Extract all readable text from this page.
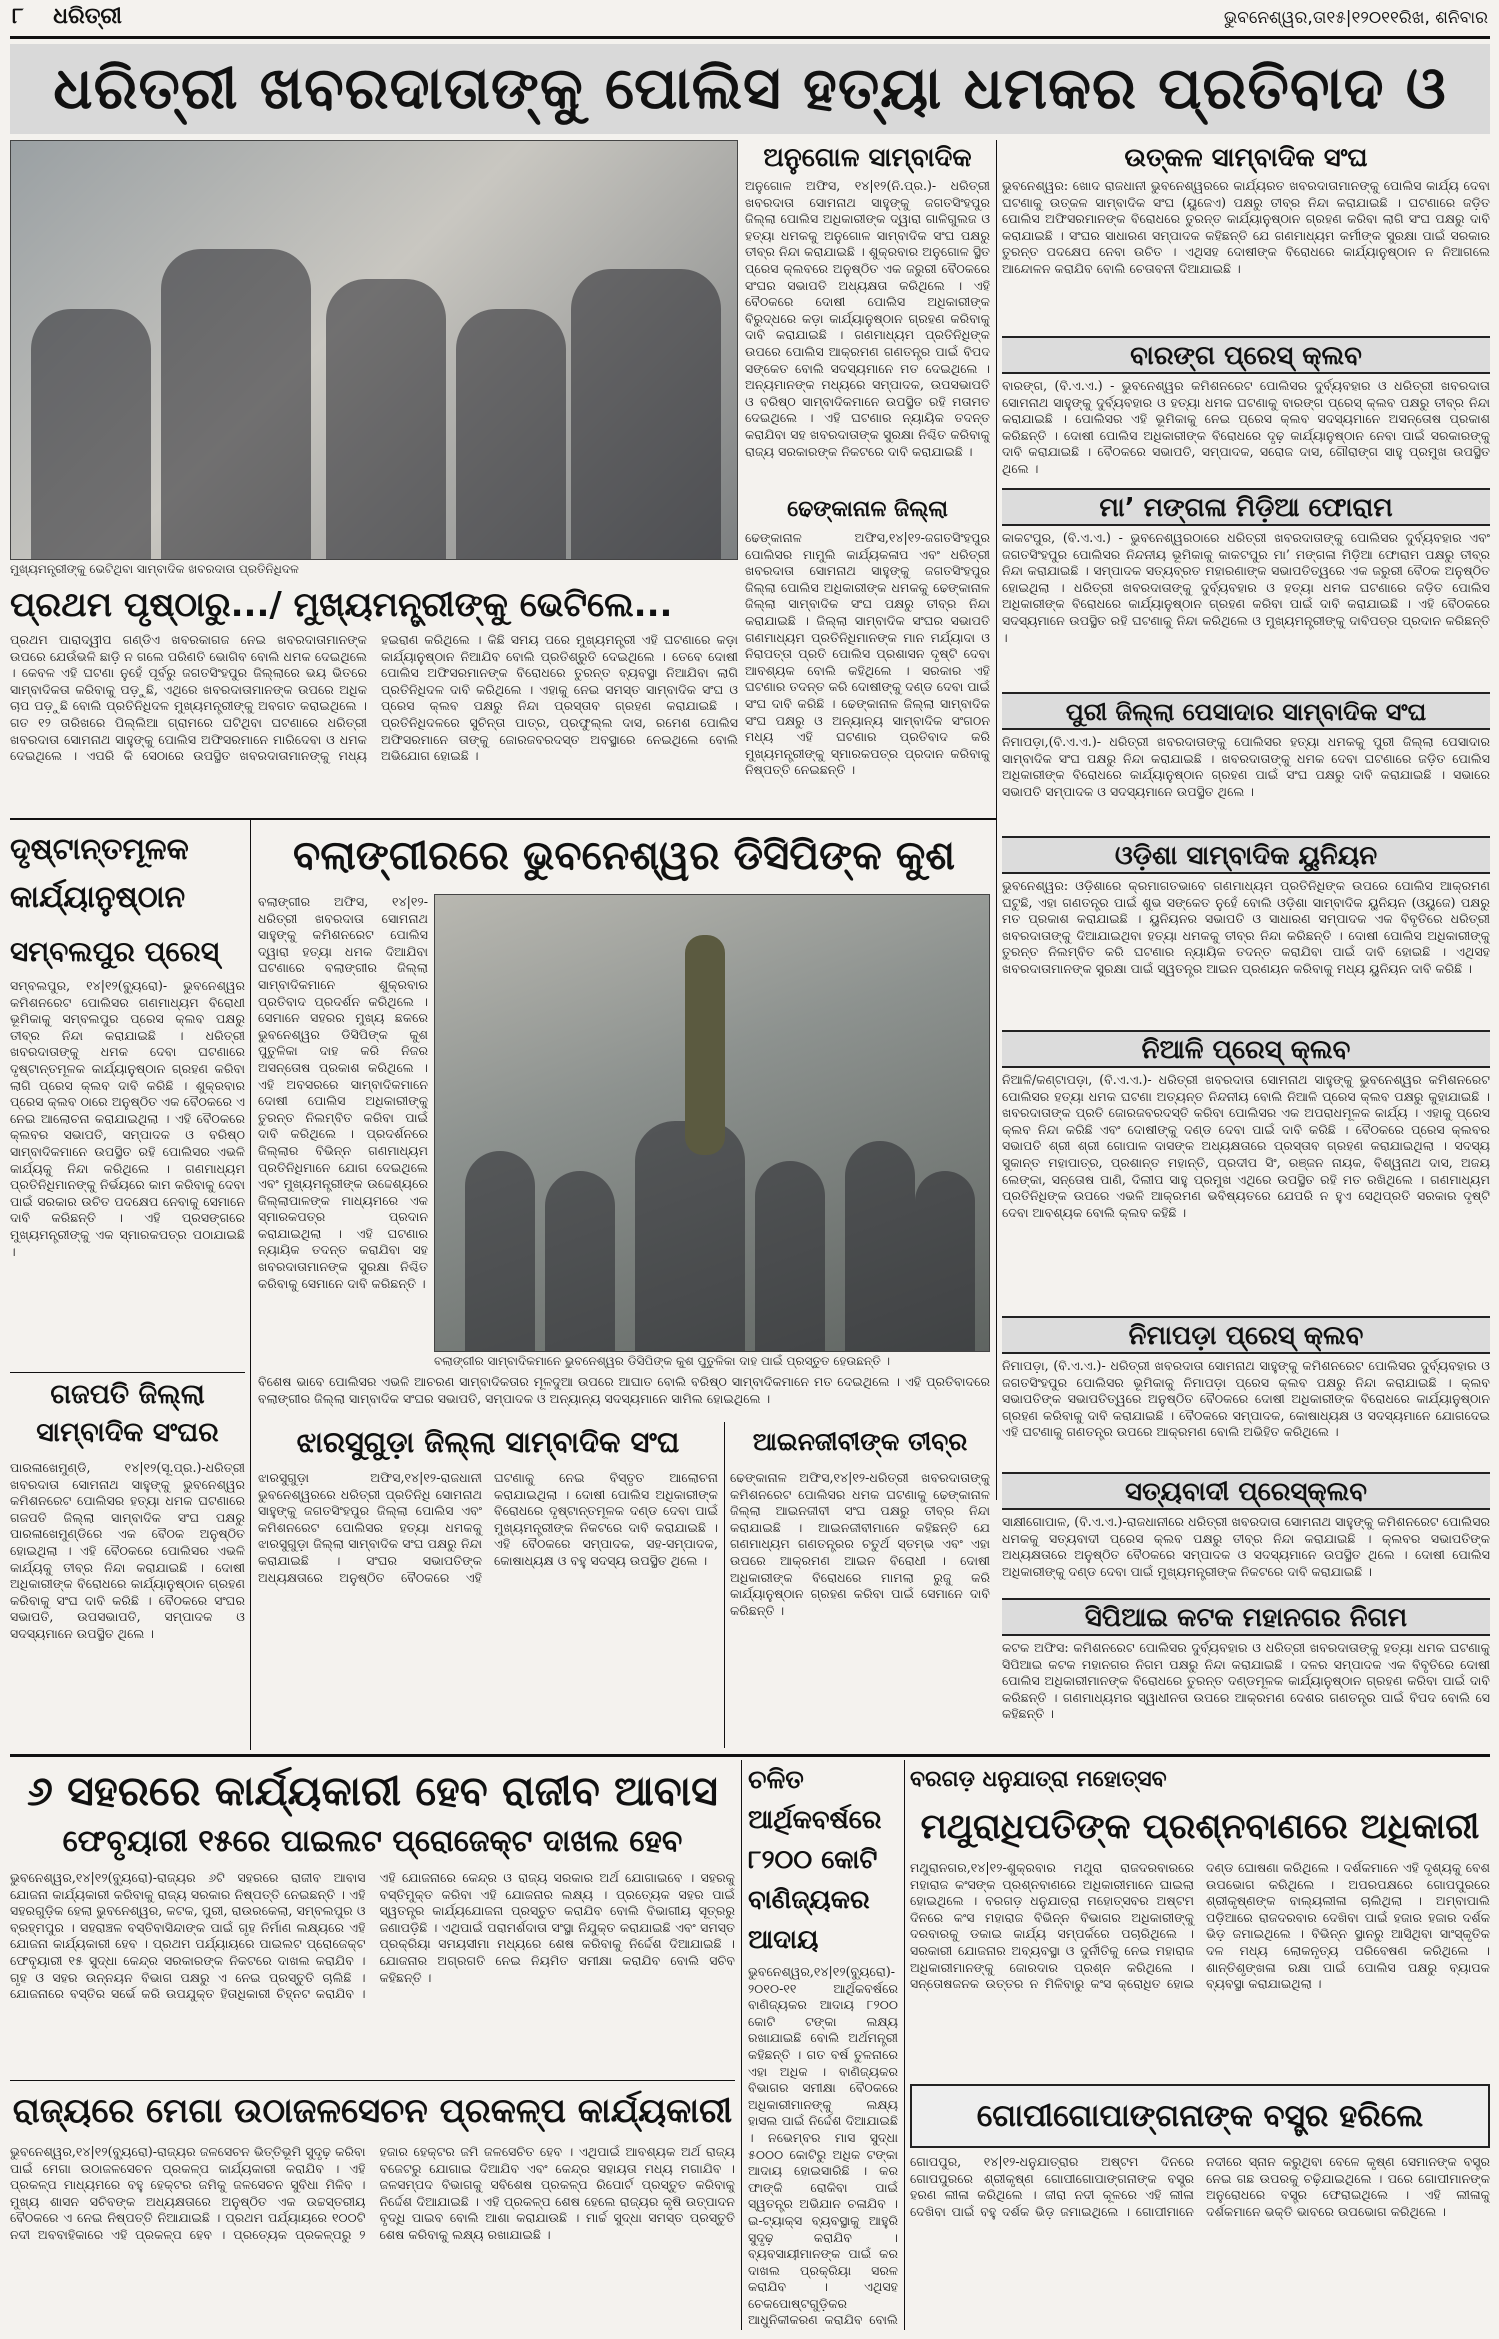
୮ ଧରିତ୍ରୀ	ଭୁବନେଶ୍ୱର,ତା୧୫|୧୨୦୧୧ରିଖ, ଶନିବାର
ଧରିତ୍ରୀ ଖବରଦାତାଙ୍କୁ ପୋଲିସ ହତ୍ୟା ଧମକର ପ୍ରତିବାଦ ଓ
ମୁଖ୍ୟମନ୍ତ୍ରୀଙ୍କୁ ଭେଟିଥିବା ସାମ୍ବାଦିକ ଖବରଦାତା ପ୍ରତିନିଧିଦଳ
ପ୍ରଥମ ପୃଷ୍ଠାରୁ.../ ମୁଖ୍ୟମନ୍ତ୍ରୀଙ୍କୁ ଭେଟିଲେ...
ପ୍ରଥମ ପାରାଦ୍ୱୀପ ଗଣ୍ଡିଏ ଖବରକାଗଜ ନେଇ ଖବରଦାତାମାନଙ୍କ ଉପରେ ଯେଉଁଭଳି ଛାଡ଼ି ନ ଗଲେ ପରିଣତି ଭୋଗିବ ବୋଲି ଧମକ ଦେଇଥିଲେ । କେବଳ ଏହି ଘଟଣା ନୁହେଁ ପୂର୍ବରୁ ଜଗତସିଂହପୁର ଜିଲ୍ଲାରେ ଭୟ ଭିତରେ ସାମ୍ବାଦିକତା କରିବାକୁ ପଡ଼ୁଛି, ଏଥିରେ ଖବରଦାତାମାନଙ୍କ ଉପରେ ଅଧିକ ଚାପ ପଡ଼ୁଛି ବୋଲି ପ୍ରତିନିଧିଦଳ ମୁଖ୍ୟମନ୍ତ୍ରୀଙ୍କୁ ଅବଗତ କରାଇଥିଲେ । ଗତ ୧୨ ତାରିଖରେ ପିଲ୍ଲିଆ ଗ୍ରାମରେ ଘଟିଥିବା ଘଟଣାରେ ଧରିତ୍ରୀ ଖବରଦାତା ସୋମନାଥ ସାହୁଙ୍କୁ ପୋଲିସ ଅଫିସରମାନେ ମାରିଦେବା ଓ ଧମକ ଦେଇଥିଲେ । ଏପରି କି ସେଠାରେ ଉପସ୍ଥିତ ଖବରଦାତାମାନଙ୍କୁ ମଧ୍ୟ ହଇରାଣ କରିଥିଲେ । କିଛି ସମୟ ପରେ ମୁଖ୍ୟମନ୍ତ୍ରୀ ଏହି ଘଟଣାରେ କଡ଼ା କାର୍ଯ୍ୟାନୁଷ୍ଠାନ ନିଆଯିବ ବୋଲି ପ୍ରତିଶ୍ରୁତି ଦେଇଥିଲେ । ତେବେ ଦୋଷୀ ପୋଲିସ ଅଫିସରମାନଙ୍କ ବିରୋଧରେ ତୁରନ୍ତ ବ୍ୟବସ୍ଥା ନିଆଯିବା ଲାଗି ପ୍ରତିନିଧିଦଳ ଦାବି କରିଥିଲେ । ଏହାକୁ ନେଇ ସମସ୍ତ ସାମ୍ବାଦିକ ସଂଘ ଓ ପ୍ରେସ କ୍ଲବ ପକ୍ଷରୁ ନିନ୍ଦା ପ୍ରସ୍ତାବ ଗ୍ରହଣ କରାଯାଇଛି । ପ୍ରତିନିଧିଦଳରେ ସୁଚିନ୍ତା ପାତ୍ର, ପ୍ରଫୁଲ୍ଲ ଦାସ, ରମେଶ ପୋଲିସ ଅଫିସରମାନେ ତାଙ୍କୁ ଜୋରଜବରଦସ୍ତ ଅବସ୍ଥାରେ ନେଇଥିଲେ ବୋଲି ଅଭିଯୋଗ ହୋଇଛି ।
ଅନୁଗୋଳ ସାମ୍ବାଦିକ
ଅନୁଗୋଳ ଅଫିସ, ୧୪|୧୨(ନି.ପ୍ର.)- ଧରିତ୍ରୀ ଖବରଦାତା ସୋମନାଥ ସାହୁଙ୍କୁ ଜଗତସିଂହପୁର ଜିଲ୍ଲା ପୋଲିସ ଅଧିକାରୀଙ୍କ ଦ୍ୱାରା ଗାଳିଗୁଲଜ ଓ ହତ୍ୟା ଧମକକୁ ଅନୁଗୋଳ ସାମ୍ବାଦିକ ସଂଘ ପକ୍ଷରୁ ତୀବ୍ର ନିନ୍ଦା କରାଯାଇଛି । ଶୁକ୍ରବାର ଅନୁଗୋଳ ସ୍ଥିତ ପ୍ରେସ କ୍ଲବରେ ଅନୁଷ୍ଠିତ ଏକ ଜରୁରୀ ବୈଠକରେ ସଂଘର ସଭାପତି ଅଧ୍ୟକ୍ଷତା କରିଥିଲେ । ଏହି ବୈଠକରେ ଦୋଷୀ ପୋଲିସ ଅଧିକାରୀଙ୍କ ବିରୁଦ୍ଧରେ କଡ଼ା କାର୍ଯ୍ୟାନୁଷ୍ଠାନ ଗ୍ରହଣ କରିବାକୁ ଦାବି କରାଯାଇଛି । ଗଣମାଧ୍ୟମ ପ୍ରତିନିଧିଙ୍କ ଉପରେ ପୋଲିସ ଆକ୍ରମଣ ଗଣତନ୍ତ୍ର ପାଇଁ ବିପଦ ସଙ୍କେତ ବୋଲି ସଦସ୍ୟମାନେ ମତ ଦେଇଥିଲେ । ଅନ୍ୟମାନଙ୍କ ମଧ୍ୟରେ ସମ୍ପାଦକ, ଉପସଭାପତି ଓ ବରିଷ୍ଠ ସାମ୍ବାଦିକମାନେ ଉପସ୍ଥିତ ରହି ମତାମତ ଦେଇଥିଲେ । ଏହି ଘଟଣାର ନ୍ୟାୟିକ ତଦନ୍ତ କରାଯିବା ସହ ଖବରଦାତାଙ୍କ ସୁରକ୍ଷା ନିଶ୍ଚିତ କରିବାକୁ ରାଜ୍ୟ ସରକାରଙ୍କ ନିକଟରେ ଦାବି କରାଯାଇଛି ।
ଢେଙ୍କାନାଳ ଜିଲ୍ଲା
ଢେଙ୍କାନାଳ ଅଫିସ,୧୪|୧୨-ଜଗତସିଂହପୁର ପୋଲିସର ମାମୁଲି କାର୍ଯ୍ୟକଳାପ ଏବଂ ଧରିତ୍ରୀ ଖବରଦାତା ସୋମନାଥ ସାହୁଙ୍କୁ ଜଗତସିଂହପୁର ଜିଲ୍ଲା ପୋଲିସ ଅଧିକାରୀଙ୍କ ଧମକକୁ ଢେଙ୍କାନାଳ ଜିଲ୍ଲା ସାମ୍ବାଦିକ ସଂଘ ପକ୍ଷରୁ ତୀବ୍ର ନିନ୍ଦା କରାଯାଇଛି । ଜିଲ୍ଲା ସାମ୍ବାଦିକ ସଂଘର ସଭାପତି ଗଣମାଧ୍ୟମ ପ୍ରତିନିଧିମାନଙ୍କ ମାନ ମର୍ଯ୍ୟାଦା ଓ ନିରାପତ୍ତା ପ୍ରତି ପୋଲିସ ପ୍ରଶାସନ ଦୃଷ୍ଟି ଦେବା ଆବଶ୍ୟକ ବୋଲି କହିଥିଲେ । ସରକାର ଏହି ଘଟଣାର ତଦନ୍ତ କରି ଦୋଷୀଙ୍କୁ ଦଣ୍ଡ ଦେବା ପାଇଁ ସଂଘ ଦାବି କରିଛି । ଢେଙ୍କାନାଳ ଜିଲ୍ଲା ସାମ୍ବାଦିକ ସଂଘ ପକ୍ଷରୁ ଓ ଅନ୍ୟାନ୍ୟ ସାମ୍ବାଦିକ ସଂଗଠନ ମଧ୍ୟ ଏହି ଘଟଣାର ପ୍ରତିବାଦ କରି ମୁଖ୍ୟମନ୍ତ୍ରୀଙ୍କୁ ସ୍ମାରକପତ୍ର ପ୍ରଦାନ କରିବାକୁ ନିଷ୍ପତ୍ତି ନେଇଛନ୍ତି ।
ଉତ୍କଳ ସାମ୍ବାଦିକ ସଂଘ
ଭୁବନେଶ୍ୱର: ଖୋଦ ରାଜଧାନୀ ଭୁବନେଶ୍ୱରରେ କାର୍ଯ୍ୟରତ ଖବରଦାତାମାନଙ୍କୁ ପୋଲିସ କାର୍ଯ୍ୟ ଦେବା ଘଟଣାକୁ ଉତ୍କଳ ସାମ୍ବାଦିକ ସଂଘ (ୟୁଜେଏ) ପକ୍ଷରୁ ତୀବ୍ର ନିନ୍ଦା କରାଯାଇଛି । ଘଟଣାରେ ଜଡ଼ିତ ପୋଲିସ ଅଫିସରମାନଙ୍କ ବିରୋଧରେ ତୁରନ୍ତ କାର୍ଯ୍ୟାନୁଷ୍ଠାନ ଗ୍ରହଣ କରିବା ଲାଗି ସଂଘ ପକ୍ଷରୁ ଦାବି କରାଯାଇଛି । ସଂଘର ସାଧାରଣ ସମ୍ପାଦକ କହିଛନ୍ତି ଯେ ଗଣମାଧ୍ୟମ କର୍ମୀଙ୍କ ସୁରକ୍ଷା ପାଇଁ ସରକାର ତୁରନ୍ତ ପଦକ୍ଷେପ ନେବା ଉଚିତ । ଏଥିସହ ଦୋଷୀଙ୍କ ବିରୋଧରେ କାର୍ଯ୍ୟାନୁଷ୍ଠାନ ନ ନିଆଗଲେ ଆନ୍ଦୋଳନ କରାଯିବ ବୋଲି ଚେତାବନୀ ଦିଆଯାଇଛି ।
ବାରଙ୍ଗ ପ୍ରେସ୍ କ୍ଲବ
ବାରଙ୍ଗ, (ବି.ଏ.ଏ.) - ଭୁବନେଶ୍ୱର କମିଶନରେଟ ପୋଲିସର ଦୁର୍ବ୍ୟବହାର ଓ ଧରିତ୍ରୀ ଖବରଦାତା ସୋମନାଥ ସାହୁଙ୍କୁ ଦୁର୍ବ୍ୟବହାର ଓ ହତ୍ୟା ଧମକ ଘଟଣାକୁ ବାରଙ୍ଗ ପ୍ରେସ୍ କ୍ଲବ ପକ୍ଷରୁ ତୀବ୍ର ନିନ୍ଦା କରାଯାଇଛି । ପୋଲିସର ଏହି ଭୂମିକାକୁ ନେଇ ପ୍ରେସ କ୍ଲବ ସଦସ୍ୟମାନେ ଅସନ୍ତୋଷ ପ୍ରକାଶ କରିଛନ୍ତି । ଦୋଷୀ ପୋଲିସ ଅଧିକାରୀଙ୍କ ବିରୋଧରେ ଦୃଢ଼ କାର୍ଯ୍ୟାନୁଷ୍ଠାନ ନେବା ପାଇଁ ସରକାରଙ୍କୁ ଦାବି କରାଯାଇଛି । ବୈଠକରେ ସଭାପତି, ସମ୍ପାଦକ, ସରୋଜ ଦାସ, ଗୌରାଙ୍ଗ ସାହୁ ପ୍ରମୁଖ ଉପସ୍ଥିତ ଥିଲେ ।
ମା’ ମଙ୍ଗଳା ମିଡ଼ିଆ ଫୋରାମ
କାକଟପୁର, (ବି.ଏ.ଏ.) - ଭୁବନେଶ୍ୱରଠାରେ ଧରିତ୍ରୀ ଖବରଦାତାଙ୍କୁ ପୋଲିସର ଦୁର୍ବ୍ୟବହାର ଏବଂ ଜଗତସିଂହପୁର ପୋଲିସର ନିନ୍ଦନୀୟ ଭୂମିକାକୁ କାକଟପୁର ମା’ ମଙ୍ଗଳା ମିଡ଼ିଆ ଫୋରାମ ପକ୍ଷରୁ ତୀବ୍ର ନିନ୍ଦା କରାଯାଇଛି । ସମ୍ପାଦକ ସତ୍ୟବ୍ରତ ମହାରଣାଙ୍କ ସଭାପତିତ୍ୱରେ ଏକ ଜରୁରୀ ବୈଠକ ଅନୁଷ୍ଠିତ ହୋଇଥିଲା । ଧରିତ୍ରୀ ଖବରଦାତାଙ୍କୁ ଦୁର୍ବ୍ୟବହାର ଓ ହତ୍ୟା ଧମକ ଘଟଣାରେ ଜଡ଼ିତ ପୋଲିସ ଅଧିକାରୀଙ୍କ ବିରୋଧରେ କାର୍ଯ୍ୟାନୁଷ୍ଠାନ ଗ୍ରହଣ କରିବା ପାଇଁ ଦାବି କରାଯାଇଛି । ଏହି ବୈଠକରେ ସଦସ୍ୟମାନେ ଉପସ୍ଥିତ ରହି ଘଟଣାକୁ ନିନ୍ଦା କରିଥିଲେ ଓ ମୁଖ୍ୟମନ୍ତ୍ରୀଙ୍କୁ ଦାବିପତ୍ର ପ୍ରଦାନ କରିଛନ୍ତି ।
ପୁରୀ ଜିଲ୍ଲା ପେସାଦାର ସାମ୍ବାଦିକ ସଂଘ
ନିମାପଡ଼ା,(ବି.ଏ.ଏ.)- ଧରିତ୍ରୀ ଖବରଦାତାଙ୍କୁ ପୋଲିସର ହତ୍ୟା ଧମକକୁ ପୁରୀ ଜିଲ୍ଲା ପେସାଦାର ସାମ୍ବାଦିକ ସଂଘ ପକ୍ଷରୁ ନିନ୍ଦା କରାଯାଇଛି । ଖବରଦାତାଙ୍କୁ ଧମକ ଦେବା ଘଟଣାରେ ଜଡ଼ିତ ପୋଲିସ ଅଧିକାରୀଙ୍କ ବିରୋଧରେ କାର୍ଯ୍ୟାନୁଷ୍ଠାନ ଗ୍ରହଣ ପାଇଁ ସଂଘ ପକ୍ଷରୁ ଦାବି କରାଯାଇଛି । ସଭାରେ ସଭାପତି ସମ୍ପାଦକ ଓ ସଦସ୍ୟମାନେ ଉପସ୍ଥିତ ଥିଲେ ।
ଓଡ଼ିଶା ସାମ୍ବାଦିକ ୟୁନିୟନ
ଭୁବନେଶ୍ୱର: ଓଡ଼ିଶାରେ କ୍ରମାଗତଭାବେ ଗଣମାଧ୍ୟମ ପ୍ରତିନିଧିଙ୍କ ଉପରେ ପୋଲିସ ଆକ୍ରମଣ ଘଟୁଛି, ଏହା ଗଣତନ୍ତ୍ର ପାଇଁ ଶୁଭ ସଙ୍କେତ ନୁହେଁ ବୋଲି ଓଡ଼ିଶା ସାମ୍ବାଦିକ ୟୁନିୟନ (ଓୟୁଜେ) ପକ୍ଷରୁ ମତ ପ୍ରକାଶ କରାଯାଇଛି । ୟୁନିୟନର ସଭାପତି ଓ ସାଧାରଣ ସମ୍ପାଦକ ଏକ ବିବୃତିରେ ଧରିତ୍ରୀ ଖବରଦାତାଙ୍କୁ ଦିଆଯାଇଥିବା ହତ୍ୟା ଧମକକୁ ତୀବ୍ର ନିନ୍ଦା କରିଛନ୍ତି । ଦୋଷୀ ପୋଲିସ ଅଧିକାରୀଙ୍କୁ ତୁରନ୍ତ ନିଲମ୍ବିତ କରି ଘଟଣାର ନ୍ୟାୟିକ ତଦନ୍ତ କରାଯିବା ପାଇଁ ଦାବି ହୋଇଛି । ଏଥିସହ ଖବରଦାତାମାନଙ୍କ ସୁରକ୍ଷା ପାଇଁ ସ୍ୱତନ୍ତ୍ର ଆଇନ ପ୍ରଣୟନ କରିବାକୁ ମଧ୍ୟ ୟୁନିୟନ ଦାବି କରିଛି ।
ନିଆଳି ପ୍ରେସ୍ କ୍ଲବ
ନିଆଳି/କଣ୍ଟାପଡ଼ା, (ବି.ଏ.ଏ.)- ଧରିତ୍ରୀ ଖବରଦାତା ସୋମନାଥ ସାହୁଙ୍କୁ ଭୁବନେଶ୍ୱର କମିଶନରେଟ ପୋଲିସର ହତ୍ୟା ଧମକ ଘଟଣା ଅତ୍ୟନ୍ତ ନିନ୍ଦନୀୟ ବୋଲି ନିଆଳି ପ୍ରେସ କ୍ଲବ ପକ୍ଷରୁ କୁହାଯାଇଛି । ଖବରଦାତାଙ୍କ ପ୍ରତି ଜୋରଜବରଦସ୍ତି କରିବା ପୋଲିସର ଏକ ଅପରାଧମୂଳକ କାର୍ଯ୍ୟ । ଏହାକୁ ପ୍ରେସ କ୍ଲବ ନିନ୍ଦା କରିଛି ଏବଂ ଦୋଷୀଙ୍କୁ ଦଣ୍ଡ ଦେବା ପାଇଁ ଦାବି କରିଛି । ବୈଠକରେ ପ୍ରେସ କ୍ଲବର ସଭାପତି ଶ୍ରୀ ଶ୍ରୀ ଗୋପାଳ ଦାସଙ୍କ ଅଧ୍ୟକ୍ଷତାରେ ପ୍ରସ୍ତାବ ଗ୍ରହଣ କରାଯାଇଥିଲା । ସଦସ୍ୟ ସୁକାନ୍ତ ମହାପାତ୍ର, ପ୍ରଶାନ୍ତ ମହାନ୍ତି, ପ୍ରଦୀପ ସିଂ, ରଞ୍ଜନ ନାୟକ, ବିଶ୍ୱନାଥ ଦାସ, ଅଜୟ ଲେଙ୍କା, ସନ୍ତୋଷ ପାଣି, ଦିଲୀପ ସାହୁ ପ୍ରମୁଖ ଏଥିରେ ଉପସ୍ଥିତ ରହି ମତ ରଖିଥିଲେ । ଗଣମାଧ୍ୟମ ପ୍ରତିନିଧିଙ୍କ ଉପରେ ଏଭଳି ଆକ୍ରମଣ ଭବିଷ୍ୟତରେ ଯେପରି ନ ହୁଏ ସେଥିପ୍ରତି ସରକାର ଦୃଷ୍ଟି ଦେବା ଆବଶ୍ୟକ ବୋଲି କ୍ଲବ କହିଛି ।
ନିମାପଡ଼ା ପ୍ରେସ୍ କ୍ଲବ
ନିମାପଡ଼ା, (ବି.ଏ.ଏ.)- ଧରିତ୍ରୀ ଖବରଦାତା ସୋମନାଥ ସାହୁଙ୍କୁ କମିଶନରେଟ ପୋଲିସର ଦୁର୍ବ୍ୟବହାର ଓ ଜଗତସିଂହପୁର ପୋଲିସର ଭୂମିକାକୁ ନିମାପଡ଼ା ପ୍ରେସ କ୍ଲବ ପକ୍ଷରୁ ନିନ୍ଦା କରାଯାଇଛି । କ୍ଲବ ସଭାପତିଙ୍କ ସଭାପତିତ୍ୱରେ ଅନୁଷ୍ଠିତ ବୈଠକରେ ଦୋଷୀ ଅଧିକାରୀଙ୍କ ବିରୋଧରେ କାର୍ଯ୍ୟାନୁଷ୍ଠାନ ଗ୍ରହଣ କରିବାକୁ ଦାବି କରାଯାଇଛି । ବୈଠକରେ ସମ୍ପାଦକ, କୋଷାଧ୍ୟକ୍ଷ ଓ ସଦସ୍ୟମାନେ ଯୋଗଦେଇ ଏହି ଘଟଣାକୁ ଗଣତନ୍ତ୍ର ଉପରେ ଆକ୍ରମଣ ବୋଲି ଅଭିହିତ କରିଥିଲେ ।
ସତ୍ୟବାଦୀ ପ୍ରେସ୍‌କ୍ଲବ
ସାକ୍ଷୀଗୋପାଳ, (ବି.ଏ.ଏ.)-ରାଜଧାନୀରେ ଧରିତ୍ରୀ ଖବରଦାତା ସୋମନାଥ ସାହୁଙ୍କୁ କମିଶନରେଟ ପୋଲିସର ଧମକକୁ ସତ୍ୟବାଦୀ ପ୍ରେସ କ୍ଲବ ପକ୍ଷରୁ ତୀବ୍ର ନିନ୍ଦା କରାଯାଇଛି । କ୍ଲବର ସଭାପତିଙ୍କ ଅଧ୍ୟକ୍ଷତାରେ ଅନୁଷ୍ଠିତ ବୈଠକରେ ସମ୍ପାଦକ ଓ ସଦସ୍ୟମାନେ ଉପସ୍ଥିତ ଥିଲେ । ଦୋଷୀ ପୋଲିସ ଅଧିକାରୀଙ୍କୁ ଦଣ୍ଡ ଦେବା ପାଇଁ ମୁଖ୍ୟମନ୍ତ୍ରୀଙ୍କ ନିକଟରେ ଦାବି କରାଯାଇଛି ।
ସିପିଆଇ କଟକ ମହାନଗର ନିଗମ
କଟକ ଅଫିସ: କମିଶନରେଟ ପୋଲିସର ଦୁର୍ବ୍ୟବହାର ଓ ଧରିତ୍ରୀ ଖବରଦାତାଙ୍କୁ ହତ୍ୟା ଧମକ ଘଟଣାକୁ ସିପିଆଇ କଟକ ମହାନଗର ନିଗମ ପକ୍ଷରୁ ନିନ୍ଦା କରାଯାଇଛି । ଦଳର ସମ୍ପାଦକ ଏକ ବିବୃତିରେ ଦୋଷୀ ପୋଲିସ ଅଧିକାରୀମାନଙ୍କ ବିରୋଧରେ ତୁରନ୍ତ ଦଣ୍ଡମୂଳକ କାର୍ଯ୍ୟାନୁଷ୍ଠାନ ଗ୍ରହଣ କରିବା ପାଇଁ ଦାବି କରିଛନ୍ତି । ଗଣମାଧ୍ୟମର ସ୍ୱାଧୀନତା ଉପରେ ଆକ୍ରମଣ ଦେଶର ଗଣତନ୍ତ୍ର ପାଇଁ ବିପଦ ବୋଲି ସେ କହିଛନ୍ତି ।
ଦୃଷ୍ଟାନ୍ତମୂଳକ କାର୍ଯ୍ୟାନୁଷ୍ଠାନ
ସମ୍ବଲପୁର ପ୍ରେସ୍
ସମ୍ବଲପୁର, ୧୪|୧୨(ବ୍ୟୁରୋ)- ଭୁବନେଶ୍ୱର କମିଶନରେଟ ପୋଲିସର ଗଣମାଧ୍ୟମ ବିରୋଧୀ ଭୂମିକାକୁ ସମ୍ବଲପୁର ପ୍ରେସ କ୍ଲବ ପକ୍ଷରୁ ତୀବ୍ର ନିନ୍ଦା କରାଯାଇଛି । ଧରିତ୍ରୀ ଖବରଦାତାଙ୍କୁ ଧମକ ଦେବା ଘଟଣାରେ ଦୃଷ୍ଟାନ୍ତମୂଳକ କାର୍ଯ୍ୟାନୁଷ୍ଠାନ ଗ୍ରହଣ କରିବା ଲାଗି ପ୍ରେସ କ୍ଲବ ଦାବି କରିଛି । ଶୁକ୍ରବାର ପ୍ରେସ କ୍ଲବ ଠାରେ ଅନୁଷ୍ଠିତ ଏକ ବୈଠକରେ ଏ ନେଇ ଆଲୋଚନା କରାଯାଇଥିଲା । ଏହି ବୈଠକରେ କ୍ଲବର ସଭାପତି, ସମ୍ପାଦକ ଓ ବରିଷ୍ଠ ସାମ୍ବାଦିକମାନେ ଉପସ୍ଥିତ ରହି ପୋଲିସର ଏଭଳି କାର୍ଯ୍ୟକୁ ନିନ୍ଦା କରିଥିଲେ । ଗଣମାଧ୍ୟମ ପ୍ରତିନିଧିମାନଙ୍କୁ ନିର୍ଭୟରେ କାମ କରିବାକୁ ଦେବା ପାଇଁ ସରକାର ଉଚିତ ପଦକ୍ଷେପ ନେବାକୁ ସେମାନେ ଦାବି କରିଛନ୍ତି । ଏହି ପ୍ରସଙ୍ଗରେ ମୁଖ୍ୟମନ୍ତ୍ରୀଙ୍କୁ ଏକ ସ୍ମାରକପତ୍ର ପଠାଯାଇଛି ।
ଗଜପତି ଜିଲ୍ଲା ସାମ୍ବାଦିକ ସଂଘର
ପାରଳାଖେମୁଣ୍ଡି, ୧୪|୧୨(ସୂ.ପ୍ର.)-ଧରିତ୍ରୀ ଖବରଦାତା ସୋମନାଥ ସାହୁଙ୍କୁ ଭୁବନେଶ୍ୱର କମିଶନରେଟ ପୋଲିସର ହତ୍ୟା ଧମକ ଘଟଣାରେ ଗଜପତି ଜିଲ୍ଲା ସାମ୍ବାଦିକ ସଂଘ ପକ୍ଷରୁ ପାରଳାଖେମୁଣ୍ଡିରେ ଏକ ବୈଠକ ଅନୁଷ୍ଠିତ ହୋଇଥିଲା । ଏହି ବୈଠକରେ ପୋଲିସର ଏଭଳି କାର୍ଯ୍ୟକୁ ତୀବ୍ର ନିନ୍ଦା କରାଯାଇଛି । ଦୋଷୀ ଅଧିକାରୀଙ୍କ ବିରୋଧରେ କାର୍ଯ୍ୟାନୁଷ୍ଠାନ ଗ୍ରହଣ କରିବାକୁ ସଂଘ ଦାବି କରିଛି । ବୈଠକରେ ସଂଘର ସଭାପତି, ଉପସଭାପତି, ସମ୍ପାଦକ ଓ ସଦସ୍ୟମାନେ ଉପସ୍ଥିତ ଥିଲେ ।
ବଲାଙ୍ଗୀରରେ ଭୁବନେଶ୍ୱର ଡିସିପିଙ୍କ କୁଶ
ବଲାଙ୍ଗୀର ଅଫିସ, ୧୪|୧୨- ଧରିତ୍ରୀ ଖବରଦାତା ସୋମନାଥ ସାହୁଙ୍କୁ କମିଶନରେଟ ପୋଲିସ ଦ୍ୱାରା ହତ୍ୟା ଧମକ ଦିଆଯିବା ଘଟଣାରେ ବଲାଙ୍ଗୀର ଜିଲ୍ଲା ସାମ୍ବାଦିକମାନେ ଶୁକ୍ରବାର ପ୍ରତିବାଦ ପ୍ରଦର୍ଶନ କରିଥିଲେ । ସେମାନେ ସହରର ମୁଖ୍ୟ ଛକରେ ଭୁବନେଶ୍ୱର ଡିସିପିଙ୍କ କୁଶ ପୁତୁଳିକା ଦାହ କରି ନିଜର ଅସନ୍ତୋଷ ପ୍ରକାଶ କରିଥିଲେ । ଏହି ଅବସରରେ ସାମ୍ବାଦିକମାନେ ଦୋଷୀ ପୋଲିସ ଅଧିକାରୀଙ୍କୁ ତୁରନ୍ତ ନିଲମ୍ବିତ କରିବା ପାଇଁ ଦାବି କରିଥିଲେ । ପ୍ରଦର୍ଶନରେ ଜିଲ୍ଲାର ବିଭିନ୍ନ ଗଣମାଧ୍ୟମ ପ୍ରତିନିଧିମାନେ ଯୋଗ ଦେଇଥିଲେ ଏବଂ ମୁଖ୍ୟମନ୍ତ୍ରୀଙ୍କ ଉଦ୍ଦେଶ୍ୟରେ ଜିଲ୍ଲାପାଳଙ୍କ ମାଧ୍ୟମରେ ଏକ ସ୍ମାରକପତ୍ର ପ୍ରଦାନ କରାଯାଇଥିଲା । ଏହି ଘଟଣାର ନ୍ୟାୟିକ ତଦନ୍ତ କରାଯିବା ସହ ଖବରଦାତାମାନଙ୍କ ସୁରକ୍ଷା ନିଶ୍ଚିତ କରିବାକୁ ସେମାନେ ଦାବି କରିଛନ୍ତି ।
ବଲାଙ୍ଗୀର ସାମ୍ବାଦିକମାନେ ଭୁବନେଶ୍ୱର ଡିସିପିଙ୍କ କୁଶ ପୁତୁଳିକା ଦାହ ପାଇଁ ପ୍ରସ୍ତୁତ ହେଉଛନ୍ତି ।
ବିଶେଷ ଭାବେ ପୋଲିସର ଏଭଳି ଆଚରଣ ସାମ୍ବାଦିକତାର ମୂଳଦୁଆ ଉପରେ ଆଘାତ ବୋଲି ବରିଷ୍ଠ ସାମ୍ବାଦିକମାନେ ମତ ଦେଇଥିଲେ । ଏହି ପ୍ରତିବାଦରେ ବଲାଙ୍ଗୀର ଜିଲ୍ଲା ସାମ୍ବାଦିକ ସଂଘର ସଭାପତି, ସମ୍ପାଦକ ଓ ଅନ୍ୟାନ୍ୟ ସଦସ୍ୟମାନେ ସାମିଲ ହୋଇଥିଲେ ।
ଝାରସୁଗୁଡ଼ା ଜିଲ୍ଲା ସାମ୍ବାଦିକ ସଂଘ
ଝାରସୁଗୁଡ଼ା ଅଫିସ,୧୪|୧୨-ରାଜଧାନୀ ଭୁବନେଶ୍ୱରରେ ଧରିତ୍ରୀ ପ୍ରତିନିଧି ସୋମନାଥ ସାହୁଙ୍କୁ ଜଗତସିଂହପୁର ଜିଲ୍ଲା ପୋଲିସ ଏବଂ କମିଶନରେଟ ପୋଲିସର ହତ୍ୟା ଧମକକୁ ଝାରସୁଗୁଡ଼ା ଜିଲ୍ଲା ସାମ୍ବାଦିକ ସଂଘ ପକ୍ଷରୁ ନିନ୍ଦା କରାଯାଇଛି । ସଂଘର ସଭାପତିଙ୍କ ଅଧ୍ୟକ୍ଷତାରେ ଅନୁଷ୍ଠିତ ବୈଠକରେ ଏହି ଘଟଣାକୁ ନେଇ ବିସ୍ତୃତ ଆଲୋଚନା କରାଯାଇଥିଲା । ଦୋଷୀ ପୋଲିସ ଅଧିକାରୀଙ୍କ ବିରୋଧରେ ଦୃଷ୍ଟାନ୍ତମୂଳକ ଦଣ୍ଡ ଦେବା ପାଇଁ ମୁଖ୍ୟମନ୍ତ୍ରୀଙ୍କ ନିକଟରେ ଦାବି କରାଯାଇଛି । ଏହି ବୈଠକରେ ସମ୍ପାଦକ, ସହ-ସମ୍ପାଦକ, କୋଷାଧ୍ୟକ୍ଷ ଓ ବହୁ ସଦସ୍ୟ ଉପସ୍ଥିତ ଥିଲେ ।
ଆଇନଜୀବୀଙ୍କ ତୀବ୍ର
ଢେଙ୍କାନାଳ ଅଫିସ,୧୪|୧୨-ଧରିତ୍ରୀ ଖବରଦାତାଙ୍କୁ କମିଶନରେଟ ପୋଲିସର ଧମକ ଘଟଣାକୁ ଢେଙ୍କାନାଳ ଜିଲ୍ଲା ଆଇନଜୀବୀ ସଂଘ ପକ୍ଷରୁ ତୀବ୍ର ନିନ୍ଦା କରାଯାଇଛି । ଆଇନଜୀବୀମାନେ କହିଛନ୍ତି ଯେ ଗଣମାଧ୍ୟମ ଗଣତନ୍ତ୍ରର ଚତୁର୍ଥ ସ୍ତମ୍ଭ ଏବଂ ଏହା ଉପରେ ଆକ୍ରମଣ ଆଇନ ବିରୋଧୀ । ଦୋଷୀ ଅଧିକାରୀଙ୍କ ବିରୋଧରେ ମାମଲା ରୁଜୁ କରି କାର୍ଯ୍ୟାନୁଷ୍ଠାନ ଗ୍ରହଣ କରିବା ପାଇଁ ସେମାନେ ଦାବି କରିଛନ୍ତି ।
୬ ସହରରେ କାର୍ଯ୍ୟକାରୀ ହେବ ରାଜୀବ ଆବାସ
ଫେବୃୟାରୀ ୧୫ରେ ପାଇଲଟ ପ୍ରୋଜେକ୍ଟ ଦାଖଲ ହେବ
ଭୁବନେଶ୍ୱର,୧୪|୧୨(ବ୍ୟୁରୋ)-ରାଜ୍ୟର ୬ଟି ସହରରେ ରାଜୀବ ଆବାସ ଯୋଜନା କାର୍ଯ୍ୟକାରୀ କରିବାକୁ ରାଜ୍ୟ ସରକାର ନିଷ୍ପତ୍ତି ନେଇଛନ୍ତି । ଏହି ସହରଗୁଡ଼ିକ ହେଲା ଭୁବନେଶ୍ୱର, କଟକ, ପୁରୀ, ରାଉରକେଲା, ସମ୍ବଲପୁର ଓ ବ୍ରହ୍ମପୁର । ସହରାଞ୍ଚଳ ବସ୍ତିବାସିନ୍ଦାଙ୍କ ପାଇଁ ଗୃହ ନିର୍ମାଣ ଲକ୍ଷ୍ୟରେ ଏହି ଯୋଜନା କାର୍ଯ୍ୟକାରୀ ହେବ । ପ୍ରଥମ ପର୍ଯ୍ୟାୟରେ ପାଇଲଟ ପ୍ରୋଜେକ୍ଟ ଫେବୃୟାରୀ ୧୫ ସୁଦ୍ଧା କେନ୍ଦ୍ର ସରକାରଙ୍କ ନିକଟରେ ଦାଖଲ କରାଯିବ । ଗୃହ ଓ ସହର ଉନ୍ନୟନ ବିଭାଗ ପକ୍ଷରୁ ଏ ନେଇ ପ୍ରସ୍ତୁତି ଚାଲିଛି । ଯୋଜନାରେ ବସ୍ତିର ସର୍ଭେ କରି ଉପଯୁକ୍ତ ହିତାଧିକାରୀ ଚିହ୍ନଟ କରାଯିବ । ଏହି ଯୋଜନାରେ କେନ୍ଦ୍ର ଓ ରାଜ୍ୟ ସରକାର ଅର୍ଥ ଯୋଗାଇବେ । ସହରକୁ ବସ୍ତିମୁକ୍ତ କରିବା ଏହି ଯୋଜନାର ଲକ୍ଷ୍ୟ । ପ୍ରତ୍ୟେକ ସହର ପାଇଁ ସ୍ୱତନ୍ତ୍ର କାର୍ଯ୍ୟଯୋଜନା ପ୍ରସ୍ତୁତ କରାଯିବ ବୋଲି ବିଭାଗୀୟ ସୂତ୍ରରୁ ଜଣାପଡ଼ିଛି । ଏଥିପାଇଁ ପରାମର୍ଶଦାତା ସଂସ୍ଥା ନିଯୁକ୍ତ କରାଯାଇଛି ଏବଂ ସମସ୍ତ ପ୍ରକ୍ରିୟା ସମୟସୀମା ମଧ୍ୟରେ ଶେଷ କରିବାକୁ ନିର୍ଦ୍ଦେଶ ଦିଆଯାଇଛି । ଯୋଜନାର ଅଗ୍ରଗତି ନେଇ ନିୟମିତ ସମୀକ୍ଷା କରାଯିବ ବୋଲି ସଚିବ କହିଛନ୍ତି ।
ରାଜ୍ୟରେ ମେଗା ଉଠାଜଳସେଚନ ପ୍ରକଳ୍ପ କାର୍ଯ୍ୟକାରୀ
ଭୁବନେଶ୍ୱର,୧୪|୧୨(ବ୍ୟୁରୋ)-ରାଜ୍ୟର ଜଳସେଚନ ଭିତ୍ତିଭୂମି ସୁଦୃଢ଼ କରିବା ପାଇଁ ମେଗା ଉଠାଜଳସେଚନ ପ୍ରକଳ୍ପ କାର୍ଯ୍ୟକାରୀ କରାଯିବ । ଏହି ପ୍ରକଳ୍ପ ମାଧ୍ୟମରେ ବହୁ ହେକ୍ଟର ଜମିକୁ ଜଳସେଚନ ସୁବିଧା ମିଳିବ । ମୁଖ୍ୟ ଶାସନ ସଚିବଙ୍କ ଅଧ୍ୟକ୍ଷତାରେ ଅନୁଷ୍ଠିତ ଏକ ଉଚ୍ଚସ୍ତରୀୟ ବୈଠକରେ ଏ ନେଇ ନିଷ୍ପତ୍ତି ନିଆଯାଇଛି । ପ୍ରଥମ ପର୍ଯ୍ୟାୟରେ ୧୦୦ଟି ନଦୀ ଅବବାହିକାରେ ଏହି ପ୍ରକଳ୍ପ ହେବ । ପ୍ରତ୍ୟେକ ପ୍ରକଳ୍ପରୁ ୨ ହଜାର ହେକ୍ଟର ଜମି ଜଳସେଚିତ ହେବ । ଏଥିପାଇଁ ଆବଶ୍ୟକ ଅର୍ଥ ରାଜ୍ୟ ବଜେଟରୁ ଯୋଗାଇ ଦିଆଯିବ ଏବଂ କେନ୍ଦ୍ର ସହାୟତା ମଧ୍ୟ ମଗାଯିବ । ଜଳସମ୍ପଦ ବିଭାଗକୁ ସବିଶେଷ ପ୍ରକଳ୍ପ ରିପୋର୍ଟ ପ୍ରସ୍ତୁତ କରିବାକୁ ନିର୍ଦ୍ଦେଶ ଦିଆଯାଇଛି । ଏହି ପ୍ରକଳ୍ପ ଶେଷ ହେଲେ ରାଜ୍ୟର କୃଷି ଉତ୍ପାଦନ ବୃଦ୍ଧି ପାଇବ ବୋଲି ଆଶା କରାଯାଉଛି । ମାର୍ଚ୍ଚ ସୁଦ୍ଧା ସମସ୍ତ ପ୍ରସ୍ତୁତି ଶେଷ କରିବାକୁ ଲକ୍ଷ୍ୟ ରଖାଯାଇଛି ।
ଚଳିତ ଆର୍ଥିକବର୍ଷରେ ୮୨୦୦ କୋଟି ବାଣିଜ୍ୟକର ଆଦାୟ
ଭୁବନେଶ୍ୱର,୧୪|୧୨(ବ୍ୟୁରୋ)- ୨୦୧୦-୧୧ ଆର୍ଥିକବର୍ଷରେ ବାଣିଜ୍ୟକର ଆଦାୟ ୮୨୦୦ କୋଟି ଟଙ୍କା ଲକ୍ଷ୍ୟ ରଖାଯାଇଛି ବୋଲି ଅର୍ଥମନ୍ତ୍ରୀ କହିଛନ୍ତି । ଗତ ବର୍ଷ ତୁଳନାରେ ଏହା ଅଧିକ । ବାଣିଜ୍ୟକର ବିଭାଗର ସମୀକ୍ଷା ବୈଠକରେ ଅଧିକାରୀମାନଙ୍କୁ ଲକ୍ଷ୍ୟ ହାସଲ ପାଇଁ ନିର୍ଦ୍ଦେଶ ଦିଆଯାଇଛି । ନଭେମ୍ବର ମାସ ସୁଦ୍ଧା ୫୦୦୦ କୋଟିରୁ ଅଧିକ ଟଙ୍କା ଆଦାୟ ହୋଇସାରିଛି । କର ଫାଙ୍କି ରୋକିବା ପାଇଁ ସ୍ୱତନ୍ତ୍ର ଅଭିଯାନ ଚଳାଯିବ । ଇ-ଟ୍ୟାକ୍ସ ବ୍ୟବସ୍ଥାକୁ ଆହୁରି ସୁଦୃଢ଼ କରାଯିବ । ବ୍ୟବସାୟୀମାନଙ୍କ ପାଇଁ କର ଦାଖଲ ପ୍ରକ୍ରିୟା ସରଳ କରାଯିବ । ଏଥିସହ ଚେକପୋଷ୍ଟଗୁଡ଼ିକର ଆଧୁନିକୀକରଣ କରାଯିବ ବୋଲି
ବରଗଡ଼ ଧନୁଯାତ୍ରା ମହୋତ୍ସବ
ମଥୁରାଧିପତିଙ୍କ ପ୍ରଶ୍ନବାଣରେ ଅଧିକାରୀ
ମଥୁରାନଗର,୧୪|୧୨-ଶୁକ୍ରବାର ମଥୁରା ରାଜଦରବାରରେ ମହାରାଜ କଂସଙ୍କ ପ୍ରଶ୍ନବାଣରେ ଅଧିକାରୀମାନେ ଘାଇଲା ହୋଇଥିଲେ । ବରଗଡ଼ ଧନୁଯାତ୍ରା ମହୋତ୍ସବର ଅଷ୍ଟମ ଦିନରେ କଂସ ମହାରାଜ ବିଭିନ୍ନ ବିଭାଗର ଅଧିକାରୀଙ୍କୁ ଦରବାରକୁ ଡକାଇ କାର୍ଯ୍ୟ ସମ୍ପର୍କରେ ପଚାରିଥିଲେ । ସରକାରୀ ଯୋଜନାର ଅବ୍ୟବସ୍ଥା ଓ ଦୁର୍ନୀତିକୁ ନେଇ ମହାରାଜ ଅଧିକାରୀମାନଙ୍କୁ ଜୋରଦାର ପ୍ରଶ୍ନ କରିଥିଲେ । ସନ୍ତୋଷଜନକ ଉତ୍ତର ନ ମିଳିବାରୁ କଂସ କ୍ରୋଧିତ ହୋଇ ଦଣ୍ଡ ଘୋଷଣା କରିଥିଲେ । ଦର୍ଶକମାନେ ଏହି ଦୃଶ୍ୟକୁ ବେଶ ଉପଭୋଗ କରିଥିଲେ । ଅପରପକ୍ଷରେ ଗୋପପୁରରେ ଶ୍ରୀକୃଷ୍ଣଙ୍କ ବାଲ୍ୟଲୀଳା ଚାଲିଥିଲା । ଅମ୍ବାପାଲି ପଡ଼ିଆରେ ରାଜଦରବାର ଦେଖିବା ପାଇଁ ହଜାର ହଜାର ଦର୍ଶକ ଭିଡ଼ ଜମାଇଥିଲେ । ବିଭିନ୍ନ ସ୍ଥାନରୁ ଆସିଥିବା ସାଂସ୍କୃତିକ ଦଳ ମଧ୍ୟ ଲୋକନୃତ୍ୟ ପରିବେଷଣ କରିଥିଲେ । ଶାନ୍ତିଶୃଙ୍ଖଳା ରକ୍ଷା ପାଇଁ ପୋଲିସ ପକ୍ଷରୁ ବ୍ୟାପକ ବ୍ୟବସ୍ଥା କରାଯାଇଥିଲା ।
ଗୋପୀଗୋପାଙ୍ଗନାଙ୍କ ବସ୍ତ୍ର ହରିଲେ
ଗୋପପୁର, ୧୪|୧୨-ଧନୁଯାତ୍ରାର ଅଷ୍ଟମ ଦିନରେ ଗୋପପୁରରେ ଶ୍ରୀକୃଷ୍ଣ ଗୋପୀଗୋପାଙ୍ଗନାଙ୍କ ବସ୍ତ୍ର ହରଣ ଲୀଳା କରିଥିଲେ । ଜୀରା ନଦୀ କୂଳରେ ଏହି ଲୀଳା ଦେଖିବା ପାଇଁ ବହୁ ଦର୍ଶକ ଭିଡ଼ ଜମାଇଥିଲେ । ଗୋପୀମାନେ ନଦୀରେ ସ୍ନାନ କରୁଥିବା ବେଳେ କୃଷ୍ଣ ସେମାନଙ୍କ ବସ୍ତ୍ର ନେଇ ଗଛ ଉପରକୁ ଚଢ଼ିଯାଇଥିଲେ । ପରେ ଗୋପୀମାନଙ୍କ ଅନୁରୋଧରେ ବସ୍ତ୍ର ଫେରାଇଥିଲେ । ଏହି ଲୀଳାକୁ ଦର୍ଶକମାନେ ଭକ୍ତି ଭାବରେ ଉପଭୋଗ କରିଥିଲେ ।
